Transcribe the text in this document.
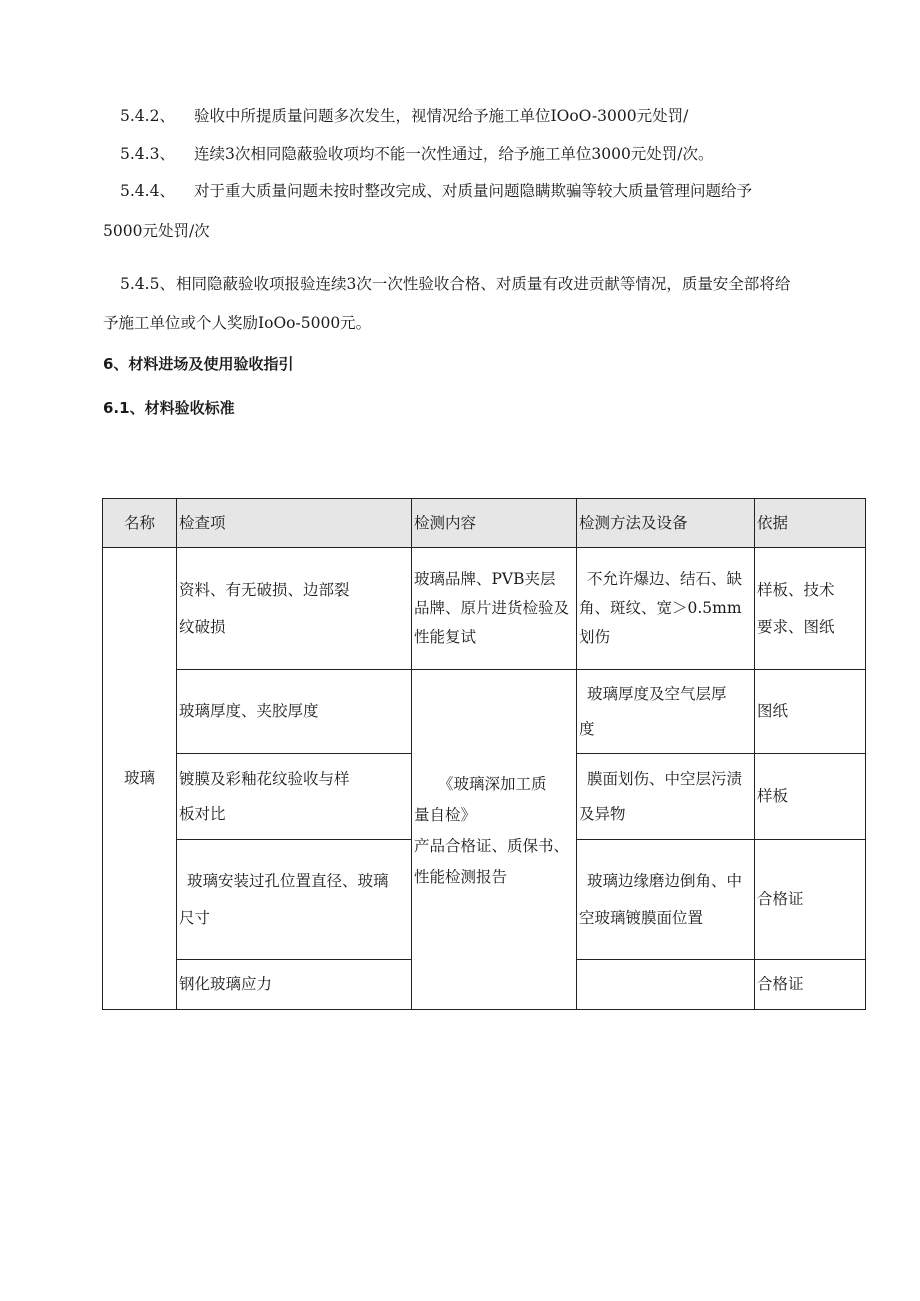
5.4.2、 验收中所提质量问题多次发生，视情况给予施工单位IOoO-3000元处罚/
5.4.3、 连续3次相同隐蔽验收项均不能一次性通过，给予施工单位3000元处罚/次。
5.4.4、 对于重大质量问题未按时整改完成、对质量问题隐瞒欺骗等较大质量管理问题给予
5000元处罚/次
5.4.5、相同隐蔽验收项报验连续3次一次性验收合格、对质量有改进贡献等情况，质量安全部将给
予施工单位或个人奖励IoOo-5000元。
6、材料进场及使用验收指引
6.1、材料验收标准
名称	检查项	检测内容	检测方法及设备	依据
玻璃	资料、有无破损、边部裂
纹破损	玻璃品牌、PVB夹层
品牌、原片进货检验及
性能复试	不允许爆边、结石、缺
角、斑纹、宽＞0.5mm
划伤	样板、技术
要求、图纸

	玻璃厚度、夹胶厚度	《玻璃深加工质
量自检》
产品合格证、质保书、
性能检测报告	玻璃厚度及空气层厚
度	图纸

	镀膜及彩釉花纹验收与样
板对比		膜面划伤、中空层污渍
及异物	样板

	玻璃安装过孔位置直径、玻璃
尺寸		玻璃边缘磨边倒角、中
空玻璃镀膜面位置	合格证

	钢化玻璃应力			合格证
